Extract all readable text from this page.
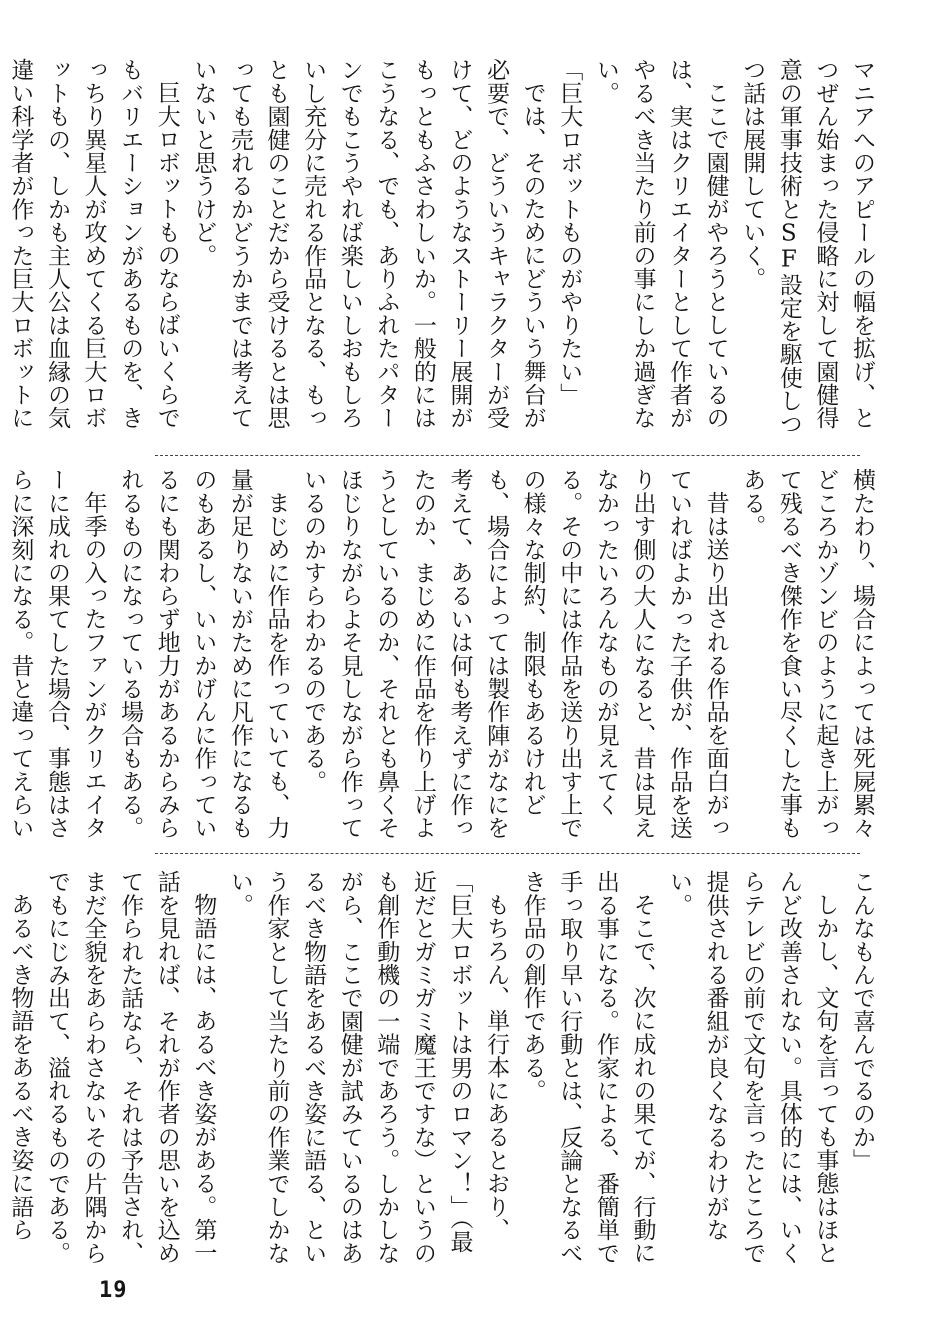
マニアへのアピールの幅を拡げ、とつぜん始まった侵略に対して園健得意の軍事技術とSF設定を駆使しつつ話は展開していく。

ここで園健がやろうとしているのは、実はクリエイターとして作者がやるべき当たり前の事にしか過ぎない。

「巨大ロボットものがやりたい」

では、そのためにどういう舞台が必要で、どういうキャラクターが受けて、どのようなストーリー展開がもっともふさわしいか。一般的にはこうなる、でも、ありふれたパターンでもこうやれば楽しいしおもしろいし充分に売れる作品となる、もっとも園健のことだから受けるとは思っても売れるかどうかまでは考えていないと思うけど。

巨大ロボットものならばいくらでもバリエーションがあるものを、きっちり異星人が攻めてくる巨大ロボットもの、しかも主人公は血縁の気違い科学者が作った巨大ロボットに

横たわり、場合によっては死屍累々どころかゾンビのように起き上がって残るべき傑作を食い尽くした事もある。

昔は送り出される作品を面白がっていればよかった子供が、作品を送り出す側の大人になると、昔は見えなかったいろんなものが見えてくる。その中には作品を送り出す上での様々な制約、制限もあるけれども、場合によっては製作陣がなにを考えて、あるいは何も考えずに作ったのか、まじめに作品を作り上げようとしているのか、それとも鼻くそほじりながらよそ見しながら作っているのかすらわかるのである。

まじめに作品を作っていても、力量が足りないがために凡作になるものもあるし、いいかげんに作っているにも関わらず地力があるからみられるものになっている場合もある。

年季の入ったファンがクリエイターに成れの果てした場合、事態はさらに深刻になる。昔と違ってえらい

こんなもんで喜んでるのか」

しかし、文句を言っても事態はほとんど改善されない。具体的には、いくらテレビの前で文句を言ったところで提供される番組が良くなるわけがない。

そこで、次に成れの果てが、行動に出る事になる。作家による、番簡単で手っ取り早い行動とは、反論となるべき作品の創作である。

もちろん、単行本にあるとおり、「巨大ロボットは男のロマン！」（最近だとガミガミ魔王ですな）というのも創作動機の一端であろう。しかしながら、ここで園健が試みているのはあるべき物語をあるべき姿に語る、という作家として当たり前の作業でしかない。

物語には、あるべき姿がある。第一話を見れば、それが作者の思いを込めて作られた話なら、それは予告され、まだ全貌をあらわさないその片隅からでもにじみ出て、溢れるものである。

あるべき物語をあるべき姿に語ら

19
